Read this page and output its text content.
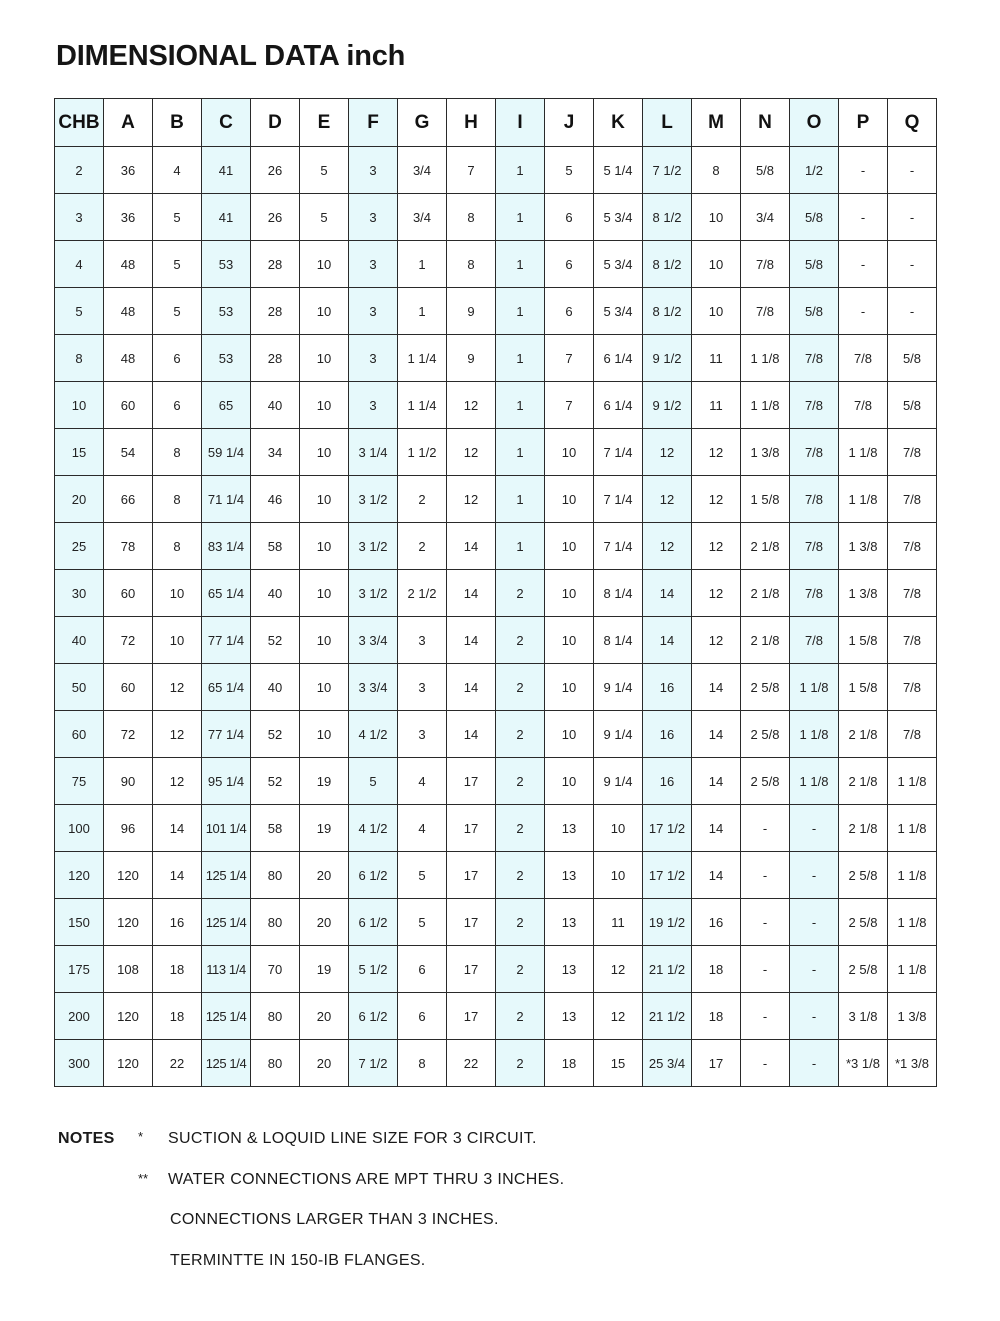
DIMENSIONAL DATA inch
CHB	A	B	C	D	E	F	G	H	I	J	K	L	M	N	O	P	Q
2	36	4	41	26	5	3	3/4	7	1	5	5 1/4	7 1/2	8	5/8	1/2	-	-
3	36	5	41	26	5	3	3/4	8	1	6	5 3/4	8 1/2	10	3/4	5/8	-	-
4	48	5	53	28	10	3	1	8	1	6	5 3/4	8 1/2	10	7/8	5/8	-	-
5	48	5	53	28	10	3	1	9	1	6	5 3/4	8 1/2	10	7/8	5/8	-	-
8	48	6	53	28	10	3	1 1/4	9	1	7	6 1/4	9 1/2	11	1 1/8	7/8	7/8	5/8
10	60	6	65	40	10	3	1 1/4	12	1	7	6 1/4	9 1/2	11	1 1/8	7/8	7/8	5/8
15	54	8	59 1/4	34	10	3 1/4	1 1/2	12	1	10	7 1/4	12	12	1 3/8	7/8	1 1/8	7/8
20	66	8	71 1/4	46	10	3 1/2	2	12	1	10	7 1/4	12	12	1 5/8	7/8	1 1/8	7/8
25	78	8	83 1/4	58	10	3 1/2	2	14	1	10	7 1/4	12	12	2 1/8	7/8	1 3/8	7/8
30	60	10	65 1/4	40	10	3 1/2	2 1/2	14	2	10	8 1/4	14	12	2 1/8	7/8	1 3/8	7/8
40	72	10	77 1/4	52	10	3 3/4	3	14	2	10	8 1/4	14	12	2 1/8	7/8	1 5/8	7/8
50	60	12	65 1/4	40	10	3 3/4	3	14	2	10	9 1/4	16	14	2 5/8	1 1/8	1 5/8	7/8
60	72	12	77 1/4	52	10	4 1/2	3	14	2	10	9 1/4	16	14	2 5/8	1 1/8	2 1/8	7/8
75	90	12	95 1/4	52	19	5	4	17	2	10	9 1/4	16	14	2 5/8	1 1/8	2 1/8	1 1/8
100	96	14	101 1/4	58	19	4 1/2	4	17	2	13	10	17 1/2	14	-	-	2 1/8	1 1/8
120	120	14	125 1/4	80	20	6 1/2	5	17	2	13	10	17 1/2	14	-	-	2 5/8	1 1/8
150	120	16	125 1/4	80	20	6 1/2	5	17	2	13	11	19 1/2	16	-	-	2 5/8	1 1/8
175	108	18	113 1/4	70	19	5 1/2	6	17	2	13	12	21 1/2	18	-	-	2 5/8	1 1/8
200	120	18	125 1/4	80	20	6 1/2	6	17	2	13	12	21 1/2	18	-	-	3 1/8	1 3/8
300	120	22	125 1/4	80	20	7 1/2	8	22	2	18	15	25 3/4	17	-	-	*3 1/8	*1 3/8
NOTES * SUCTION & LOQUID LINE SIZE FOR 3 CIRCUIT.
** WATER CONNECTIONS ARE MPT THRU 3 INCHES.
CONNECTIONS LARGER THAN 3 INCHES.
TERMINTTE IN 150-IB FLANGES.
